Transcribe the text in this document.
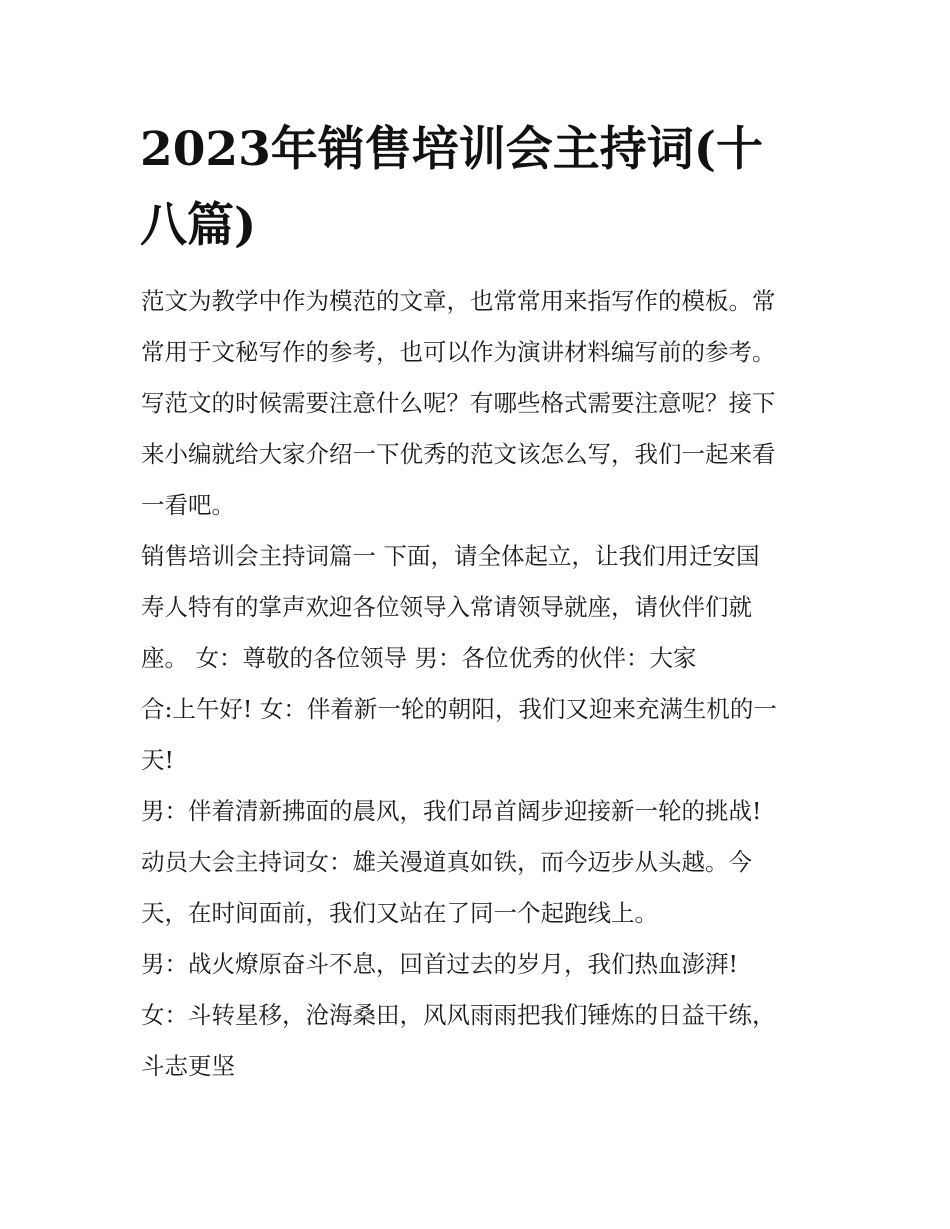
2023年销售培训会主持词(十
八篇)
范文为教学中作为模范的文章，也常常用来指写作的模板。常
常用于文秘写作的参考，也可以作为演讲材料编写前的参考。
写范文的时候需要注意什么呢？有哪些格式需要注意呢？接下
来小编就给大家介绍一下优秀的范文该怎么写，我们一起来看
一看吧。
销售培训会主持词篇一 下面，请全体起立，让我们用迁安国
寿人特有的掌声欢迎各位领导入常请领导就座，请伙伴们就
座。 女：尊敬的各位领导 男：各位优秀的伙伴：大家
合:上午好! 女：伴着新一轮的朝阳，我们又迎来充满生机的一
天!
男：伴着清新拂面的晨风，我们昂首阔步迎接新一轮的挑战!
动员大会主持词女：雄关漫道真如铁，而今迈步从头越。今
天，在时间面前，我们又站在了同一个起跑线上。
男：战火燎原奋斗不息，回首过去的岁月，我们热血澎湃!
女：斗转星移，沧海桑田，风风雨雨把我们锤炼的日益干练，
斗志更坚
